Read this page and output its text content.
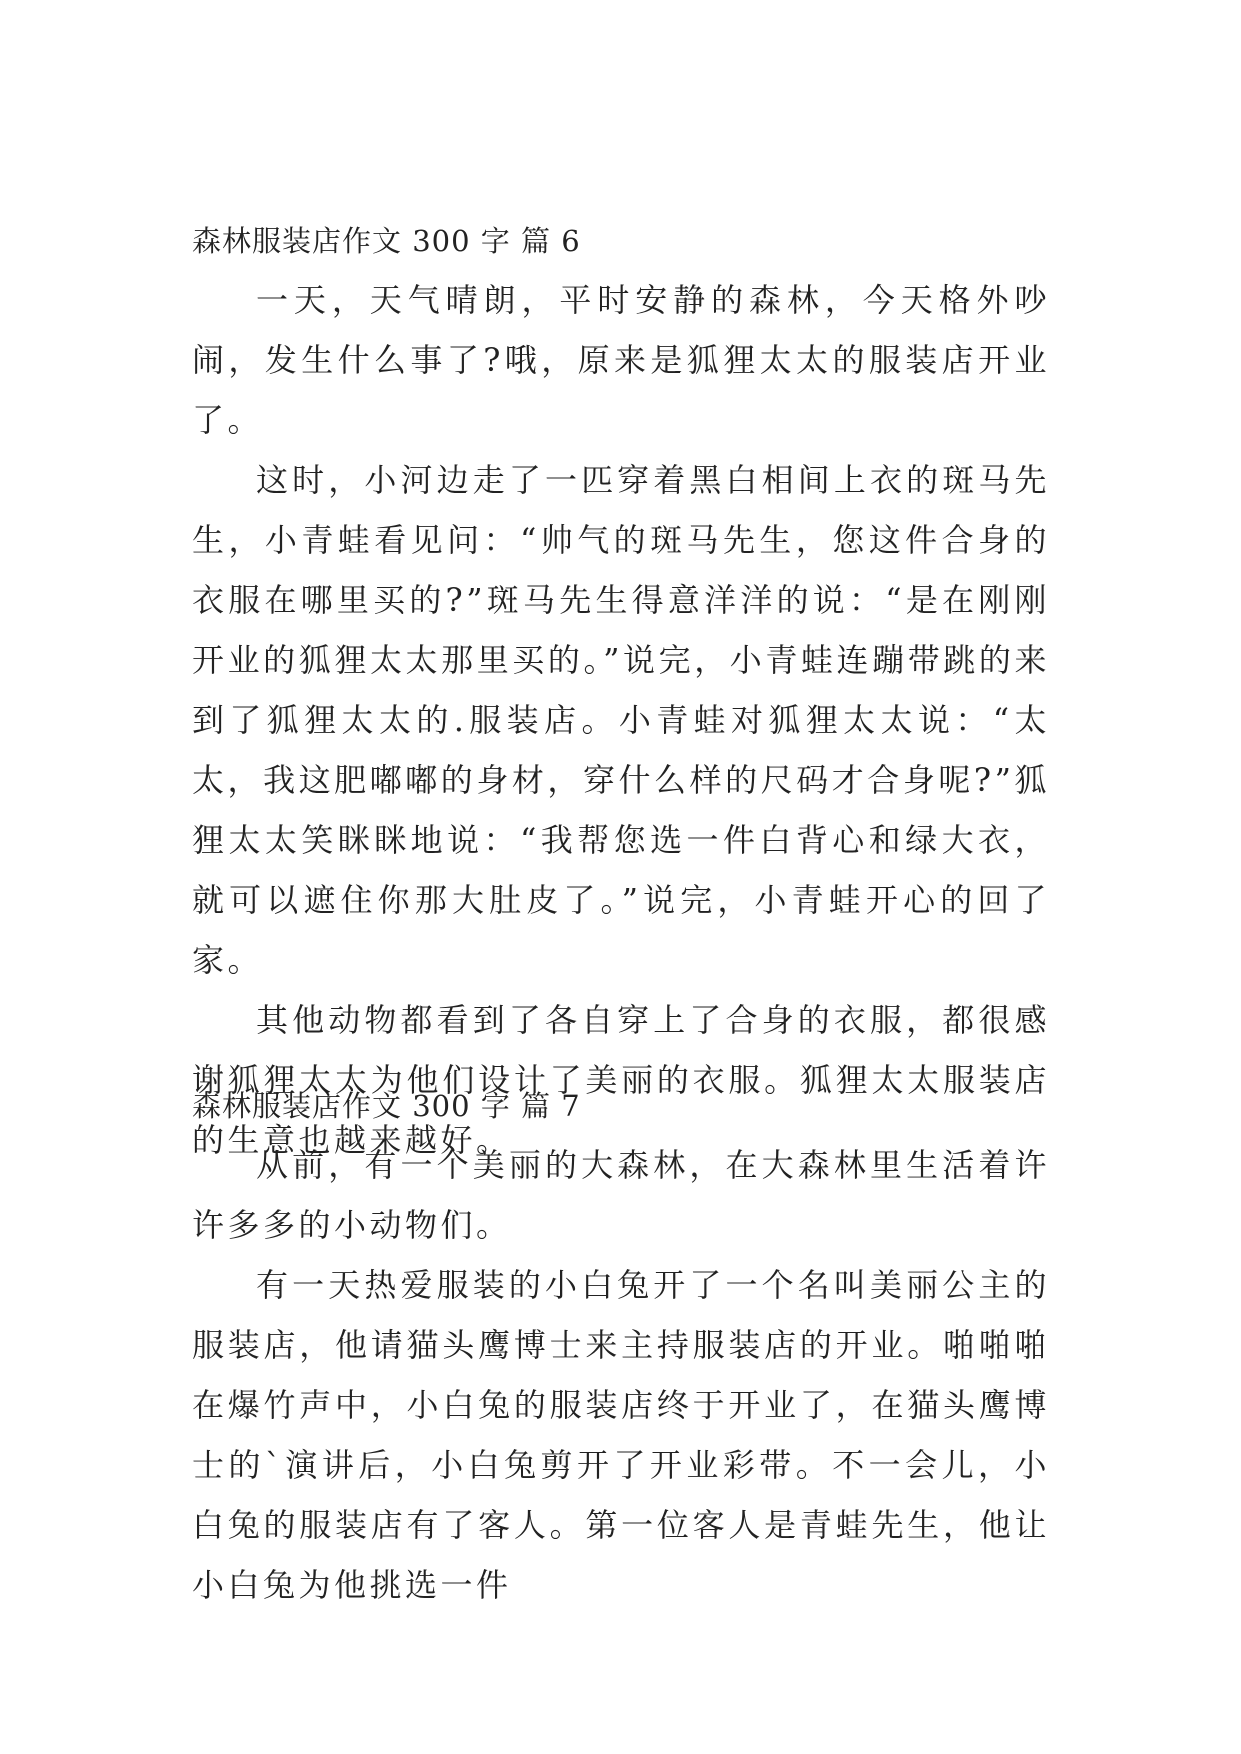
森林服装店作文 300 字 篇 6

一天，天气晴朗，平时安静的森林，今天格外吵闹，发生什么事了?哦，原来是狐狸太太的服装店开业了。

这时，小河边走了一匹穿着黑白相间上衣的斑马先生，小青蛙看见问：“帅气的斑马先生，您这件合身的衣服在哪里买的?”斑马先生得意洋洋的说：“是在刚刚开业的狐狸太太那里买的。”说完，小青蛙连蹦带跳的来到了狐狸太太的.服装店。小青蛙对狐狸太太说：“太太，我这肥嘟嘟的身材，穿什么样的尺码才合身呢?”狐狸太太笑眯眯地说：“我帮您选一件白背心和绿大衣，就可以遮住你那大肚皮了。”说完，小青蛙开心的回了家。

其他动物都看到了各自穿上了合身的衣服，都很感谢狐狸太太为他们设计了美丽的衣服。狐狸太太服装店的生意也越来越好。

森林服装店作文 300 字 篇 7

从前，有一个美丽的大森林，在大森林里生活着许许多多的小动物们。

有一天热爱服装的小白兔开了一个名叫美丽公主的服装店，他请猫头鹰博士来主持服装店的开业。啪啪啪在爆竹声中，小白兔的服装店终于开业了，在猫头鹰博士的`演讲后，小白兔剪开了开业彩带。不一会儿，小白兔的服装店有了客人。第一位客人是青蛙先生，他让小白兔为他挑选一件
